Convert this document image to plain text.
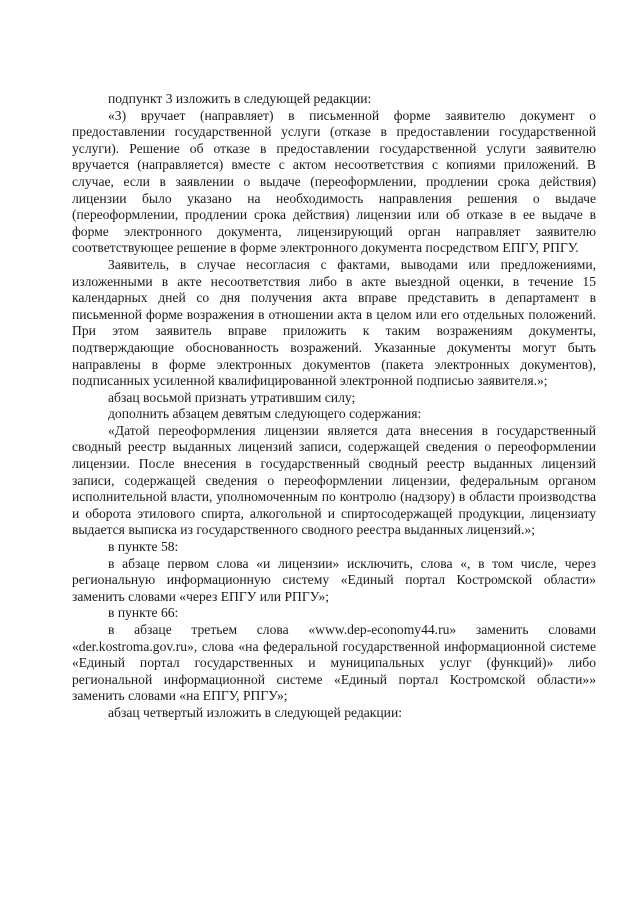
подпункт 3 изложить в следующей редакции:

«3) вручает (направляет) в письменной форме заявителю документ о предоставлении государственной услуги (отказе в предоставлении государственной услуги). Решение об отказе в предоставлении государственной услуги заявителю вручается (направляется) вместе с актом несоответствия с копиями приложений. В случае, если в заявлении о выдаче (переоформлении, продлении срока действия) лицензии было указано на необходимость направления решения о выдаче (переоформлении, продлении срока действия) лицензии или об отказе в ее выдаче в форме электронного документа, лицензирующий орган направляет заявителю соответствующее решение в форме электронного документа посредством ЕПГУ, РПГУ.

Заявитель, в случае несогласия с фактами, выводами или предложениями, изложенными в акте несоответствия либо в акте выездной оценки, в течение 15 календарных дней со дня получения акта вправе представить в департамент в письменной форме возражения в отношении акта в целом или его отдельных положений. При этом заявитель вправе приложить к таким возражениям документы, подтверждающие обоснованность возражений. Указанные документы могут быть направлены в форме электронных документов (пакета электронных документов), подписанных усиленной квалифицированной электронной подписью заявителя.»;

абзац восьмой признать утратившим силу;

дополнить абзацем девятым следующего содержания:

«Датой переоформления лицензии является дата внесения в государственный сводный реестр выданных лицензий записи, содержащей сведения о переоформлении лицензии. После внесения в государственный сводный реестр выданных лицензий записи, содержащей сведения о переоформлении лицензии, федеральным органом исполнительной власти, уполномоченным по контролю (надзору) в области производства и оборота этилового спирта, алкогольной и спиртосодержащей продукции, лицензиату выдается выписка из государственного сводного реестра выданных лицензий.»;

в пункте 58:

в абзаце первом слова «и лицензии» исключить, слова «, в том числе, через региональную информационную систему «Единый портал Костромской области» заменить словами «через ЕПГУ или РПГУ»;

в пункте 66:

в абзаце третьем слова «www.dep-economy44.ru» заменить словами «der.kostroma.gov.ru», слова «на федеральной государственной информационной системе «Единый портал государственных и муниципальных услуг (функций)» либо региональной информационной системе «Единый портал Костромской области»» заменить словами «на ЕПГУ, РПГУ»;

абзац четвертый изложить в следующей редакции:
